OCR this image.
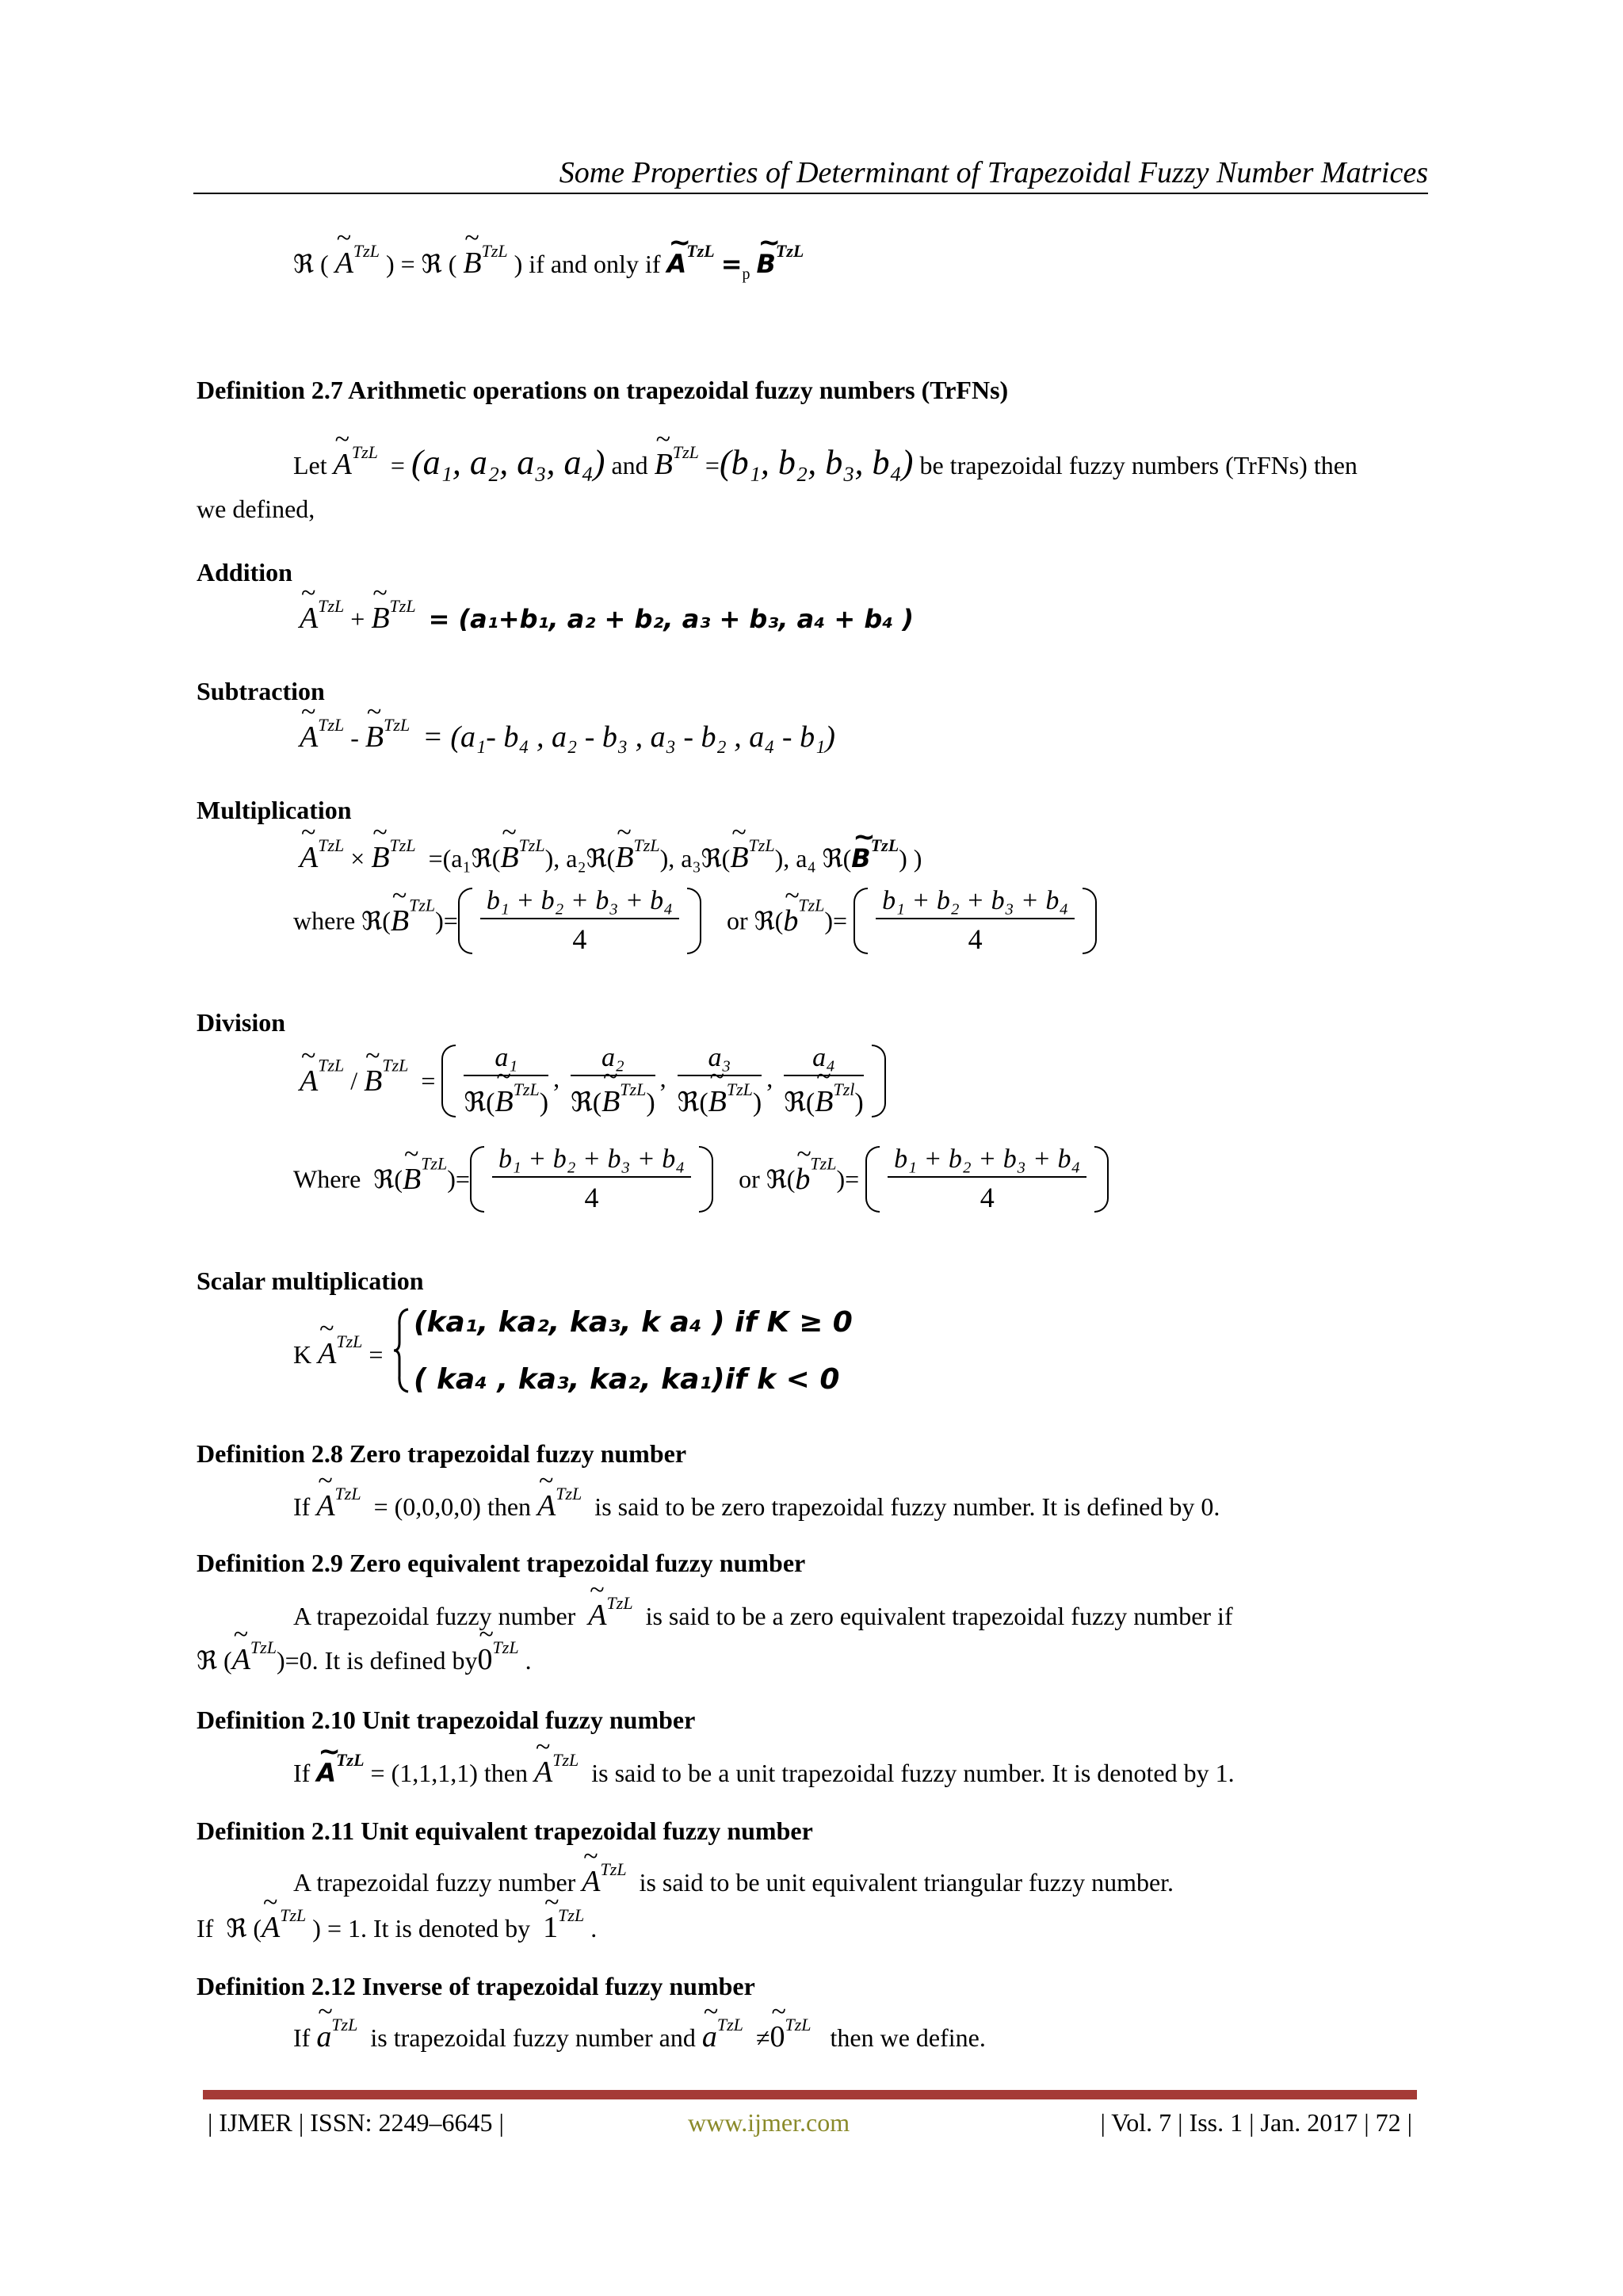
Some Properties of Determinant of Trapezoidal Fuzzy Number Matrices
ℜ ( ~ $A^{TzL}$ ) = ℜ ( ~ $B^{TzL}$ ) if and only if ~ $A^{TzL} =_p$ ~ $B^{TzL}$
Definition 2.7 Arithmetic operations on trapezoidal fuzzy numbers (TrFNs)
Let ~ $A^{TzL} = (a_1$, a₂, a₃, a₄) and ~ $B^{TzL} =(b_1$, b₂, b₃, b₄) be trapezoidal fuzzy numbers (TrFNs) then
we defined,
Addition
~ $A^{TzL}$ + ~ $B^{TzL} = (a_1+b_1$, a₂ + b₂, a₃ + b₃, a₄ + b₄ )
Subtraction
~ $A^{TzL}$ - ~ $B^{TzL} = (a_1-$ b₄ , a₂ - b₃ , a₃ - b₂ , a₄ - b₁)
Multiplication
~ $A^{TzL}$ × ~ $B^{TzL}$ =(a₁ℜ(~ $B^{TzL}$), a₂ℜ(~ $B^{TzL}$), a₃ℜ(~ $B^{TzL}$), a₄ ℜ(~ $B^{TzL}$) )
where ℜ(~ $B^{TzL})= \frac{\text{b₁ + b₂ + b₃ + b₄}}{4}$ or ℜ(~ $b^{TzL})= \frac{\text{b₁ + b₂ + b₃ + b₄}}{4}$
Division
~ $A^{TzL}$ / ~ $B^{TzL} = \frac{\text{a₁}}{ℜ(\sim B^{TzL})}$ , $\frac{\text{a₂}}{ℜ(\sim B^{TzL})}$ , $\frac{\text{a₃}}{ℜ(\sim B^{TzL})}$ , $\frac{\text{a₄}}{ℜ(\sim B^{Tzl})}$
Where ℜ(~ $B^{TzL})= \frac{\text{b₁ + b₂ + b₃ + b₄}}{4}$ or ℜ(~ $b^{TzL})= \frac{\text{b₁ + b₂ + b₃ + b₄}}{4}$
Scalar multiplication
K ~ $A^{TzL}$ =
(ka₁, ka₂, ka₃, k a₄ ) if K ≥ 0
( ka₄ , ka₃, ka₂, ka₁)if k < 0
Definition 2.8 Zero trapezoidal fuzzy number
If ~ $A^{TzL} = (0,0,0,0)$ then ~ $A^{TzL}$ is said to be zero trapezoidal fuzzy number. It is defined by 0.
Definition 2.9 Zero equivalent trapezoidal fuzzy number
A trapezoidal fuzzy number ~ $A^{TzL}$ is said to be a zero equivalent trapezoidal fuzzy number if
ℜ (~ $A^{TzL})=0$. It is defined by~ $0^{TzL}$ .
Definition 2.10 Unit trapezoidal fuzzy number
If ~ $A^{TzL} = (1,1,1,1)$ then ~ $A^{TzL}$ is said to be a unit trapezoidal fuzzy number. It is denoted by 1.
Definition 2.11 Unit equivalent trapezoidal fuzzy number
A trapezoidal fuzzy number ~ $A^{TzL}$ is said to be unit equivalent triangular fuzzy number.
If ℜ (~ $A^{TzL}$ ) = 1. It is denoted by ~ $1^{TzL}$ .
Definition 2.12 Inverse of trapezoidal fuzzy number
If ~ $a^{TzL}$ is trapezoidal fuzzy number and ~ $a^{TzL}$ ≠~ $0^{TzL}$ then we define.
| IJMER | ISSN: 2249–6645 |	www.ijmer.com	| Vol. 7 | Iss. 1 | Jan. 2017 | 72 |
